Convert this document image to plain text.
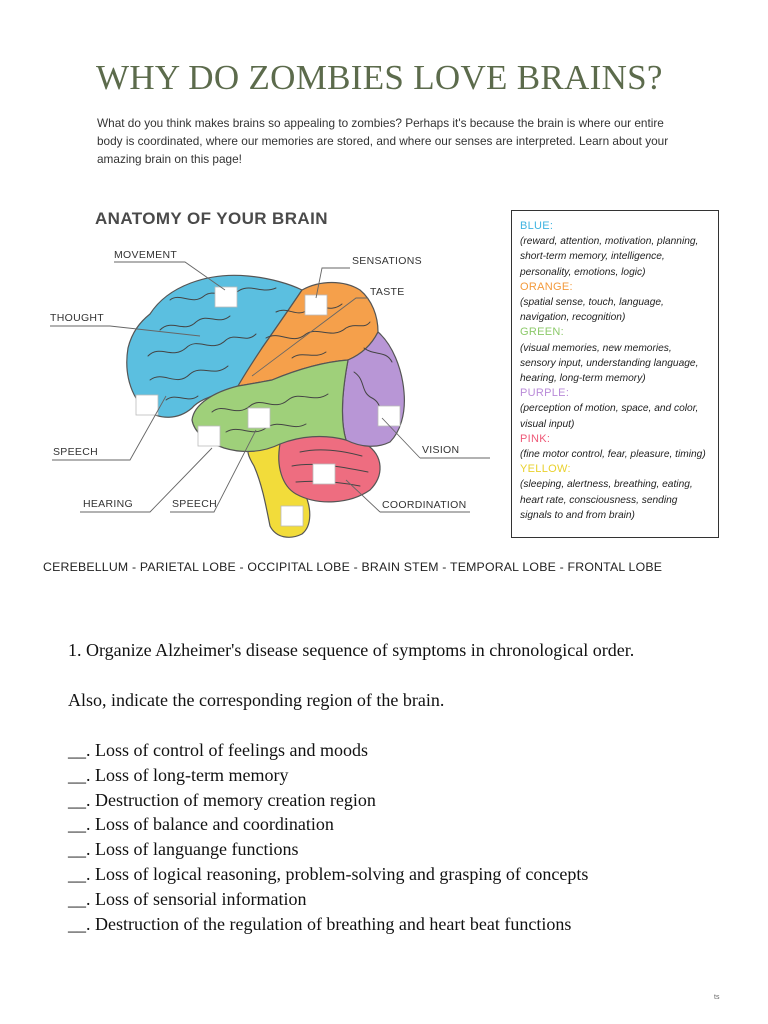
WHY DO ZOMBIES LOVE BRAINS?

What do you think makes brains so appealing to zombies? Perhaps it's because the brain is where our entire body is coordinated, where our memories are stored, and where our senses are interpreted. Learn about your amazing brain on this page!

ANATOMY OF YOUR BRAIN
MOVEMENT	SENSATIONS
TASTE
THOUGHT
SPEECH	VISION
HEARING	SPEECH	COORDINATION
BLUE:
(reward, attention, motivation, planning, short-term memory, intelligence, personality, emotions, logic)
ORANGE:
(spatial sense, touch, language, navigation, recognition)
GREEN:
(visual memories, new memories, sensory input, understanding language, hearing, long-term memory)
PURPLE:
(perception of motion, space, and color, visual input)
PINK:
(fine motor control, fear, pleasure, timing)
YELLOW:
(sleeping, alertness, breathing, eating, heart rate, consciousness, sending signals to and from brain)

CEREBELLUM - PARIETAL LOBE - OCCIPITAL LOBE - BRAIN STEM - TEMPORAL LOBE - FRONTAL LOBE

1. Organize Alzheimer's disease sequence of symptoms in chronological order.

Also, indicate the corresponding region of the brain.

__. Loss of control of feelings and moods
__. Loss of long-term memory
__. Destruction of memory creation region
__. Loss of balance and coordination
__. Loss of languange functions
__. Loss of logical reasoning, problem-solving and grasping of concepts
__. Loss of sensorial information
__. Destruction of the regulation of breathing and heart beat functions
ts
